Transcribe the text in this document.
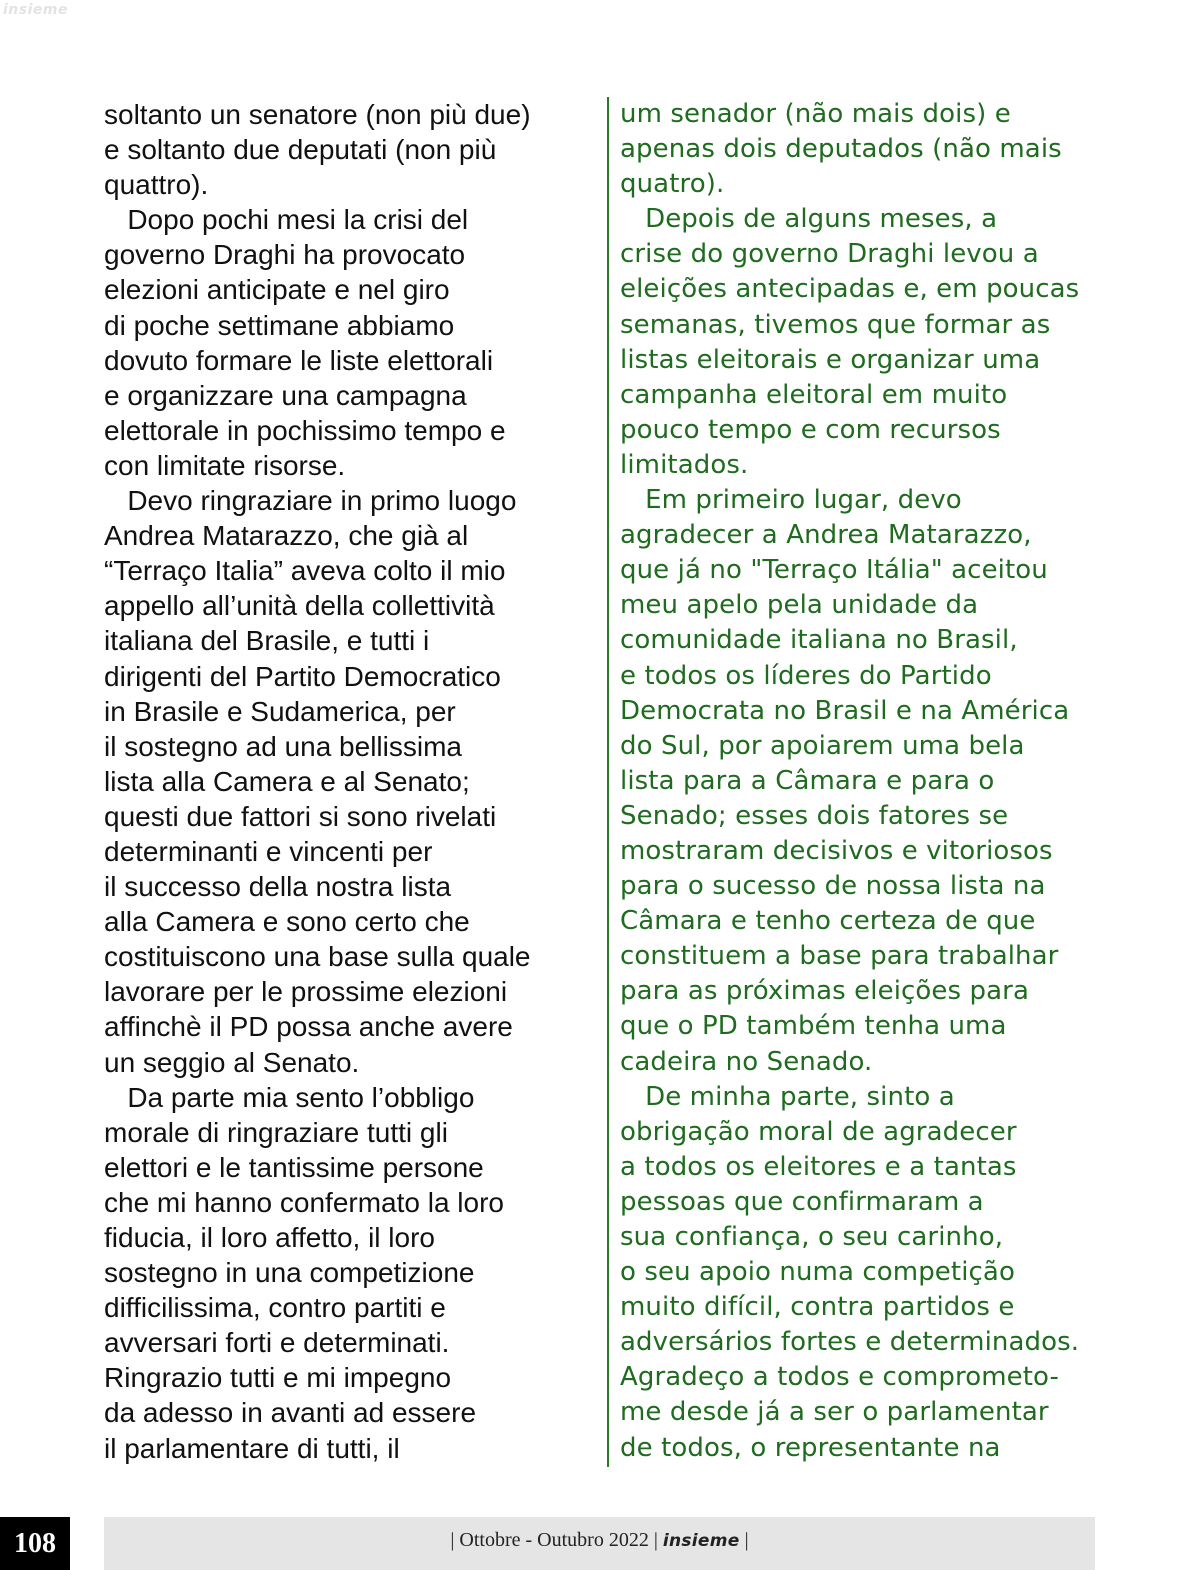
insieme
soltanto un senatore (non più due)
e soltanto due deputati (non più
quattro).
Dopo pochi mesi la crisi del
governo Draghi ha provocato
elezioni anticipate e nel giro
di poche settimane abbiamo
dovuto formare le liste elettorali
e organizzare una campagna
elettorale in pochissimo tempo e
con limitate risorse.
Devo ringraziare in primo luogo
Andrea Matarazzo, che già al
“Terraço Italia” aveva colto il mio
appello all’unità della collettività
italiana del Brasile, e tutti i
dirigenti del Partito Democratico
in Brasile e Sudamerica, per
il sostegno ad una bellissima
lista alla Camera e al Senato;
questi due fattori si sono rivelati
determinanti e vincenti per
il successo della nostra lista
alla Camera e sono certo che
costituiscono una base sulla quale
lavorare per le prossime elezioni
affinchè il PD possa anche avere
un seggio al Senato.
Da parte mia sento l’obbligo
morale di ringraziare tutti gli
elettori e le tantissime persone
che mi hanno confermato la loro
fiducia, il loro affetto, il loro
sostegno in una competizione
difficilissima, contro partiti e
avversari forti e determinati.
Ringrazio tutti e mi impegno
da adesso in avanti ad essere
il parlamentare di tutti, il
um senador (não mais dois) e
apenas dois deputados (não mais
quatro).
Depois de alguns meses, a
crise do governo Draghi levou a
eleições antecipadas e, em poucas
semanas, tivemos que formar as
listas eleitorais e organizar uma
campanha eleitoral em muito
pouco tempo e com recursos
limitados.
Em primeiro lugar, devo
agradecer a Andrea Matarazzo,
que já no "Terraço Itália" aceitou
meu apelo pela unidade da
comunidade italiana no Brasil,
e todos os líderes do Partido
Democrata no Brasil e na América
do Sul, por apoiarem uma bela
lista para a Câmara e para o
Senado; esses dois fatores se
mostraram decisivos e vitoriosos
para o sucesso de nossa lista na
Câmara e tenho certeza de que
constituem a base para trabalhar
para as próximas eleições para
que o PD também tenha uma
cadeira no Senado.
De minha parte, sinto a
obrigação moral de agradecer
a todos os eleitores e a tantas
pessoas que confirmaram a
sua confiança, o seu carinho,
o seu apoio numa competição
muito difícil, contra partidos e
adversários fortes e determinados.
Agradeço a todos e comprometo-
me desde já a ser o parlamentar
de todos, o representante na
| Ottobre - Outubro 2022 | insieme |
108
